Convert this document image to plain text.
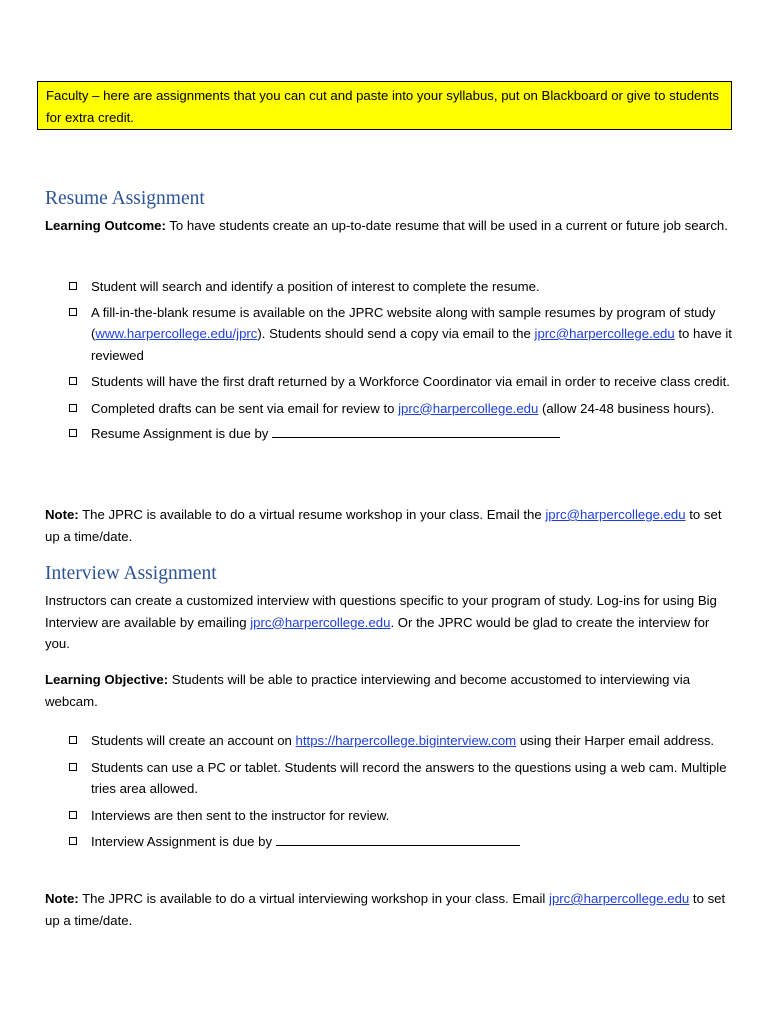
Faculty – here are assignments that you can cut and paste into your syllabus, put on Blackboard or give to students for extra credit.
Resume Assignment

Learning Outcome: To have students create an up-to-date resume that will be used in a current or future job search.

Student will search and identify a position of interest to complete the resume.
A fill-in-the-blank resume is available on the JPRC website along with sample resumes by program of study (www.harpercollege.edu/jprc). Students should send a copy via email to the jprc@harpercollege.edu to have it reviewed
Students will have the first draft returned by a Workforce Coordinator via email in order to receive class credit.
Completed drafts can be sent via email for review to jprc@harpercollege.edu (allow 24-48 business hours).
Resume Assignment is due by

Note: The JPRC is available to do a virtual resume workshop in your class. Email the jprc@harpercollege.edu to set up a time/date.

Interview Assignment

Instructors can create a customized interview with questions specific to your program of study. Log-ins for using Big Interview are available by emailing jprc@harpercollege.edu. Or the JPRC would be glad to create the interview for you.

Learning Objective: Students will be able to practice interviewing and become accustomed to interviewing via webcam.

Students will create an account on https://harpercollege.biginterview.com using their Harper email address.
Students can use a PC or tablet. Students will record the answers to the questions using a web cam. Multiple tries area allowed.
Interviews are then sent to the instructor for review.
Interview Assignment is due by

Note: The JPRC is available to do a virtual interviewing workshop in your class. Email jprc@harpercollege.edu to set up a time/date.
